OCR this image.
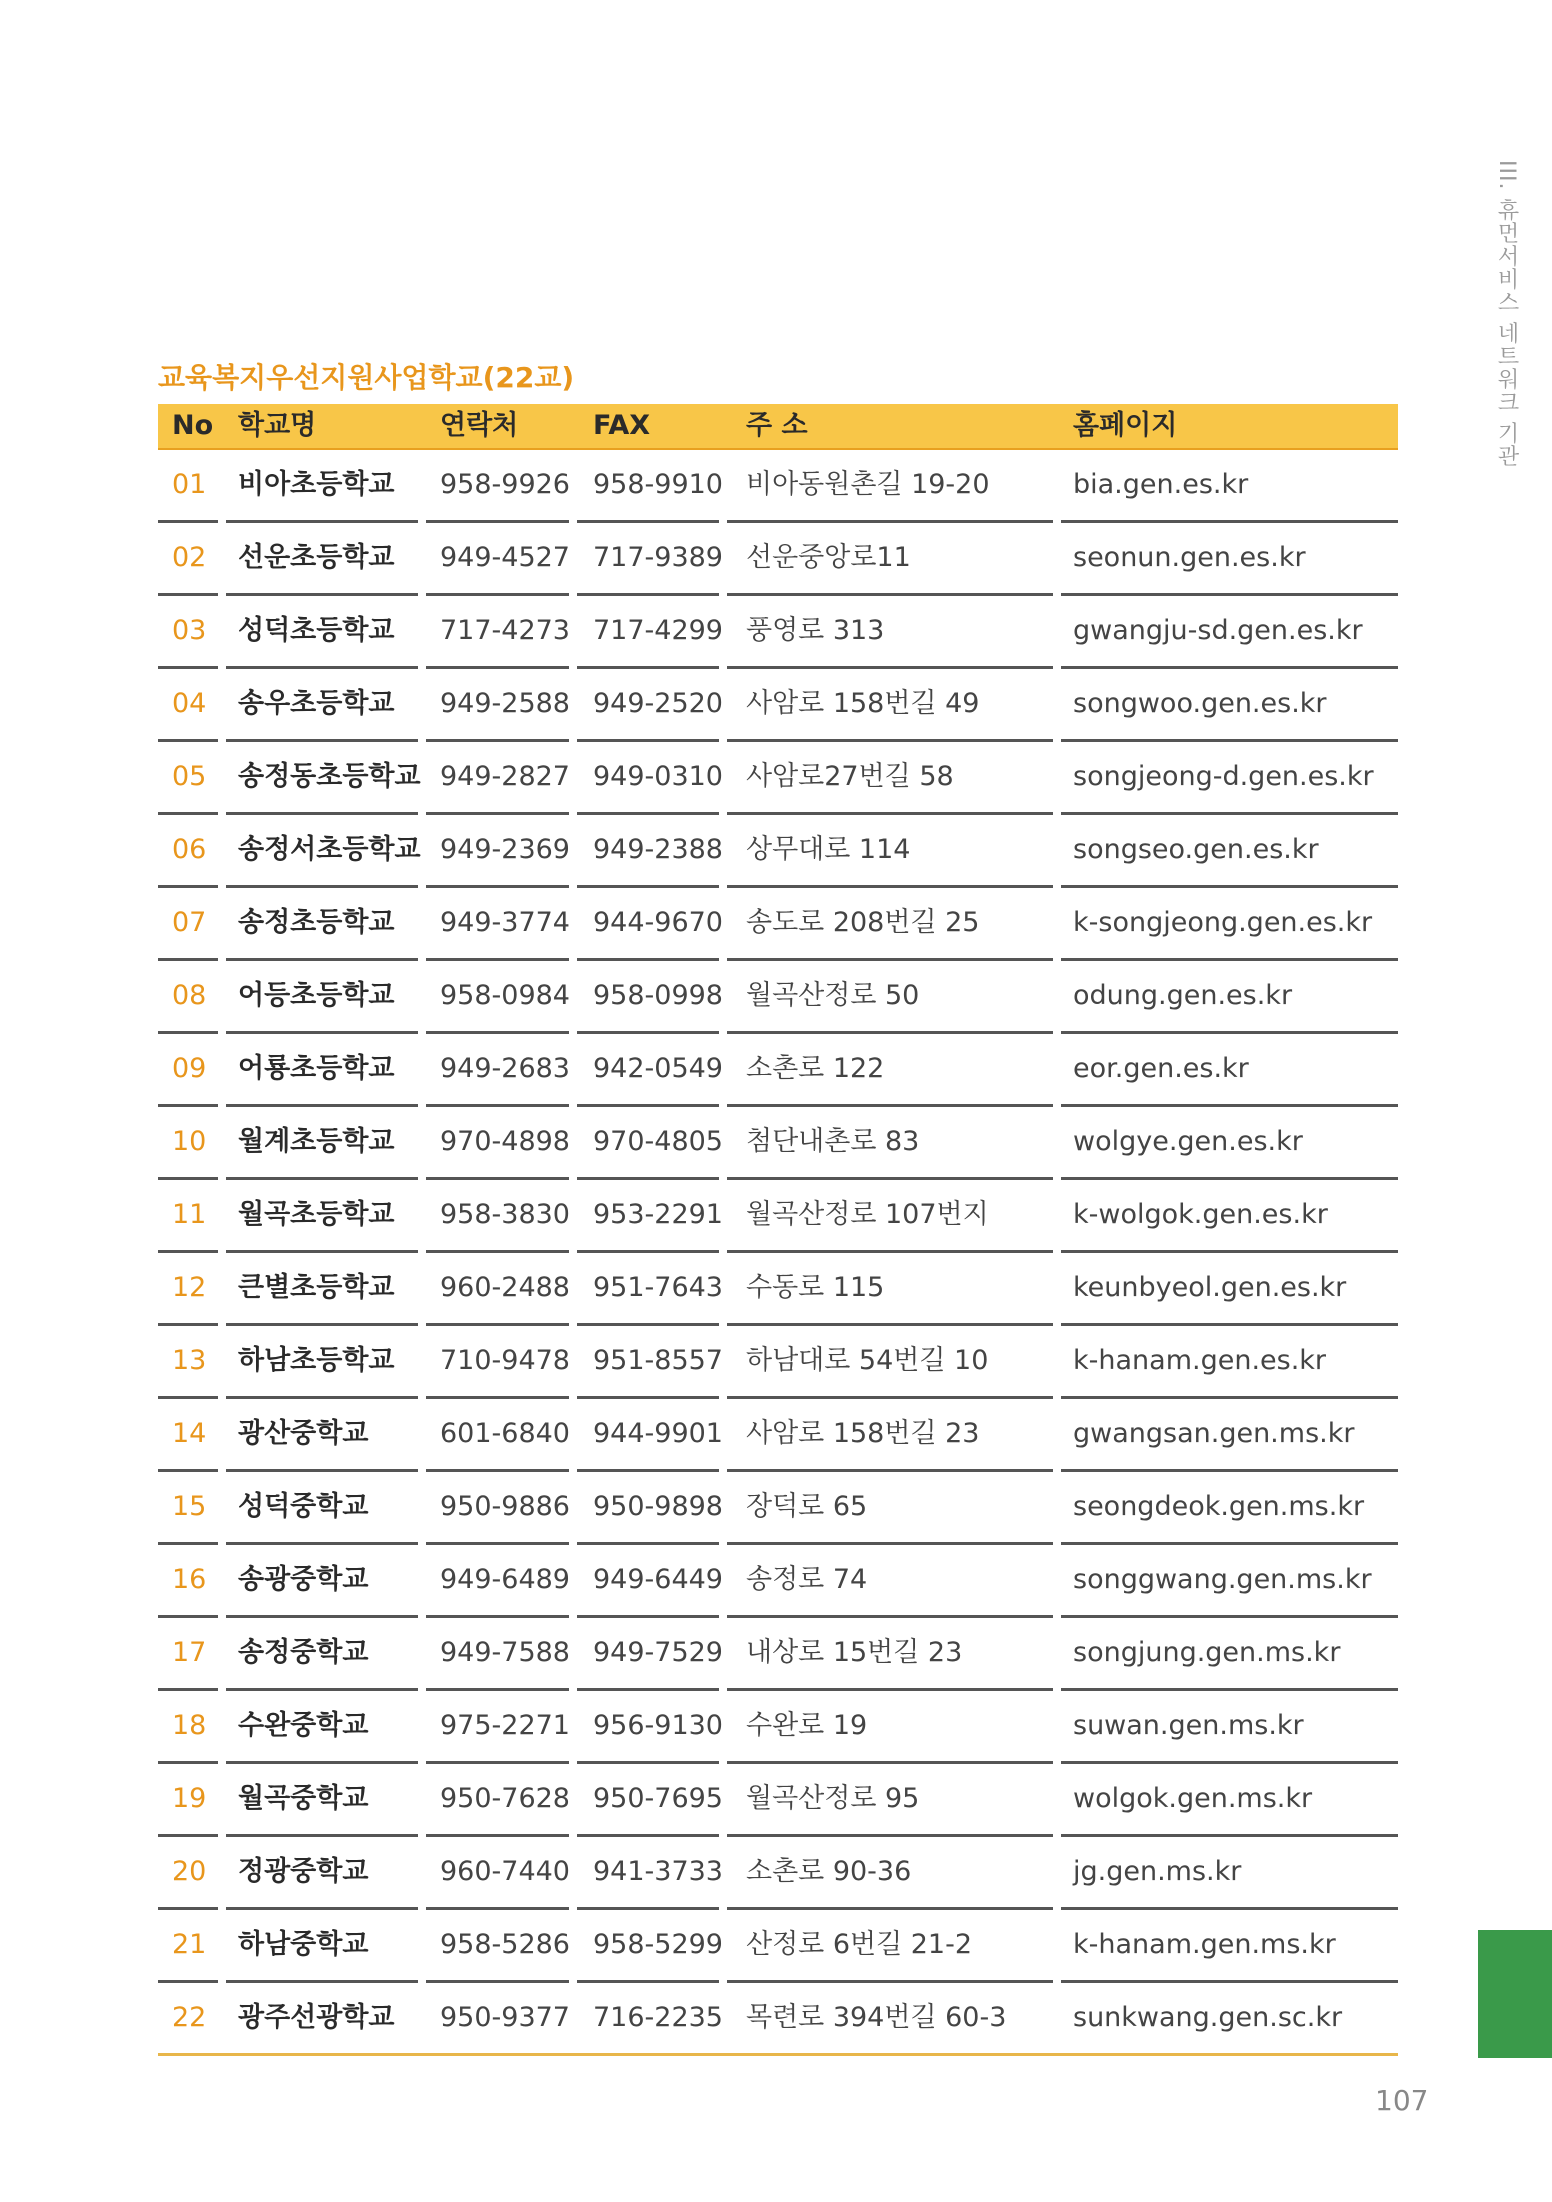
III. 휴먼서비스 네트워크 기관
교육복지우선지원사업학교(22교)
No 학교명	연락처	FAX	주 소	홈페이지
01 비아초등학교 958-9926 958-9910 비아동원촌길 19-20	bia.gen.es.kr
02 선운초등학교 949-4527 717-9389 선운중앙로11	seonun.gen.es.kr
03 성덕초등학교 717-4273 717-4299 풍영로 313	gwangju-sd.gen.es.kr
04 송우초등학교 949-2588 949-2520 사암로 158번길 49	songwoo.gen.es.kr
05 송정동초등학교 949-2827 949-0310 사암로27번길 58	songjeong-d.gen.es.kr
06 송정서초등학교 949-2369 949-2388 상무대로 114	songseo.gen.es.kr
07 송정초등학교 949-3774 944-9670 송도로 208번길 25	k-songjeong.gen.es.kr
08 어등초등학교 958-0984 958-0998 월곡산정로 50	odung.gen.es.kr
09 어룡초등학교 949-2683 942-0549 소촌로 122	eor.gen.es.kr
10 월계초등학교 970-4898 970-4805 첨단내촌로 83	wolgye.gen.es.kr
11 월곡초등학교 958-3830 953-2291 월곡산정로 107번지	k-wolgok.gen.es.kr
12 큰별초등학교 960-2488 951-7643 수동로 115	keunbyeol.gen.es.kr
13 하남초등학교 710-9478 951-8557 하남대로 54번길 10	k-hanam.gen.es.kr
14 광산중학교	601-6840 944-9901 사암로 158번길 23	gwangsan.gen.ms.kr
15 성덕중학교	950-9886 950-9898 장덕로 65	seongdeok.gen.ms.kr
16 송광중학교	949-6489 949-6449 송정로 74	songgwang.gen.ms.kr
17 송정중학교	949-7588 949-7529 내상로 15번길 23	songjung.gen.ms.kr
18 수완중학교	975-2271 956-9130 수완로 19	suwan.gen.ms.kr
19 월곡중학교	950-7628 950-7695 월곡산정로 95	wolgok.gen.ms.kr
20 정광중학교	960-7440 941-3733 소촌로 90-36	jg.gen.ms.kr
21 하남중학교	958-5286 958-5299 산정로 6번길 21-2	k-hanam.gen.ms.kr
22 광주선광학교 950-9377 716-2235 목련로 394번길 60-3 sunkwang.gen.sc.kr
107
